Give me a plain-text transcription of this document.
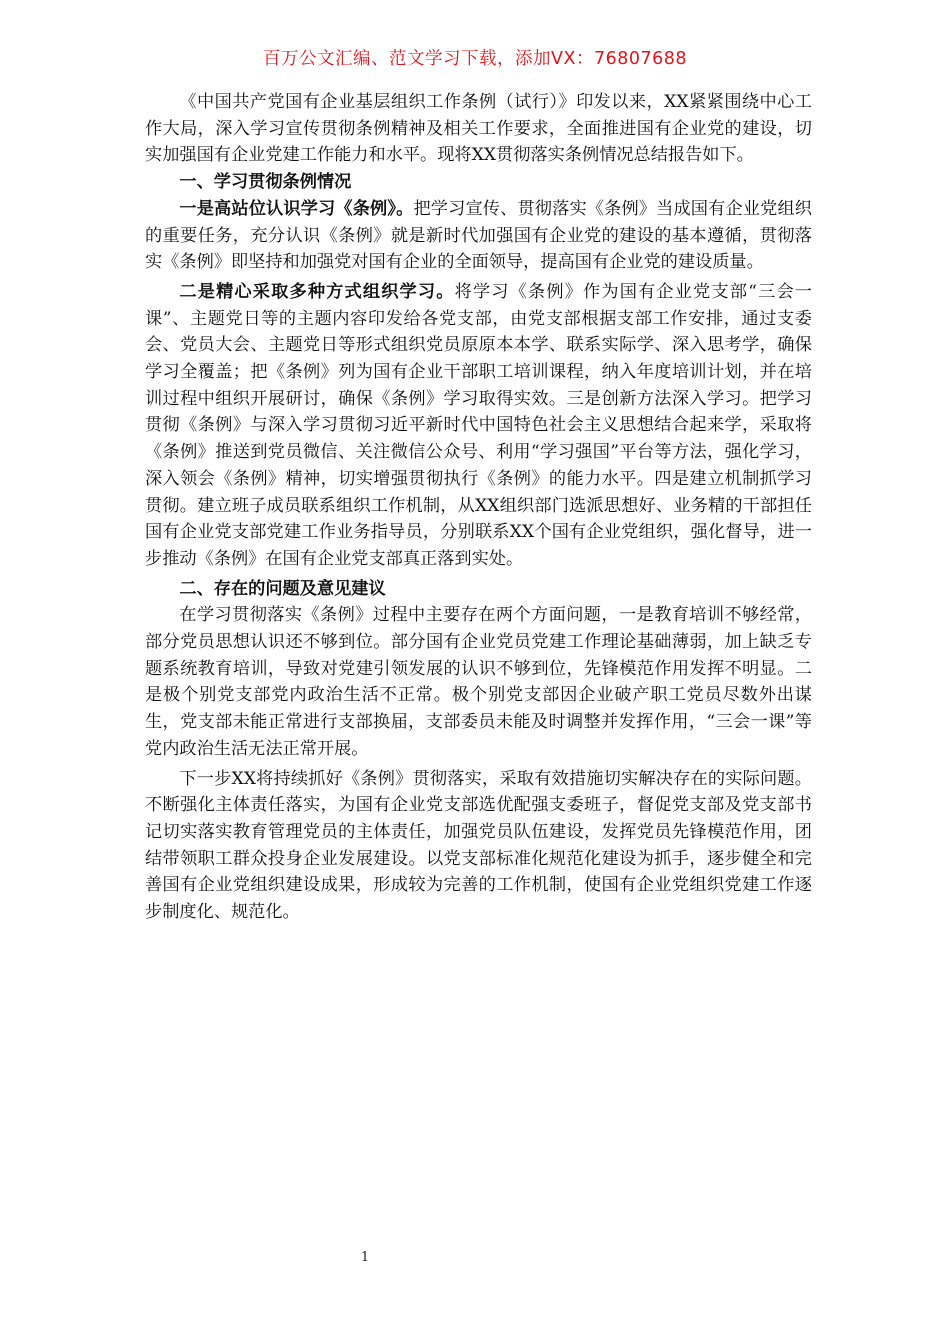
百万公文汇编、范文学习下载，添加VX：76807688

《中国共产党国有企业基层组织工作条例（试行）》印发以来，XX紧紧围绕中心工作大局，深入学习宣传贯彻条例精神及相关工作要求，全面推进国有企业党的建设，切实加强国有企业党建工作能力和水平。现将XX贯彻落实条例情况总结报告如下。

一、学习贯彻条例情况

一是高站位认识学习《条例》。把学习宣传、贯彻落实《条例》当成国有企业党组织的重要任务，充分认识《条例》就是新时代加强国有企业党的建设的基本遵循，贯彻落实《条例》即坚持和加强党对国有企业的全面领导，提高国有企业党的建设质量。

二是精心采取多种方式组织学习。将学习《条例》作为国有企业党支部“三会一课”、主题党日等的主题内容印发给各党支部，由党支部根据支部工作安排，通过支委会、党员大会、主题党日等形式组织党员原原本本学、联系实际学、深入思考学，确保学习全覆盖；把《条例》列为国有企业干部职工培训课程，纳入年度培训计划，并在培训过程中组织开展研讨，确保《条例》学习取得实效。三是创新方法深入学习。把学习贯彻《条例》与深入学习贯彻习近平新时代中国特色社会主义思想结合起来学，采取将《条例》推送到党员微信、关注微信公众号、利用“学习强国”平台等方法，强化学习，深入领会《条例》精神，切实增强贯彻执行《条例》的能力水平。四是建立机制抓学习贯彻。建立班子成员联系组织工作机制，从XX组织部门选派思想好、业务精的干部担任国有企业党支部党建工作业务指导员，分别联系XX个国有企业党组织，强化督导，进一步推动《条例》在国有企业党支部真正落到实处。

二、存在的问题及意见建议

在学习贯彻落实《条例》过程中主要存在两个方面问题，一是教育培训不够经常，部分党员思想认识还不够到位。部分国有企业党员党建工作理论基础薄弱，加上缺乏专题系统教育培训，导致对党建引领发展的认识不够到位，先锋模范作用发挥不明显。二是极个别党支部党内政治生活不正常。极个别党支部因企业破产职工党员尽数外出谋生，党支部未能正常进行支部换届，支部委员未能及时调整并发挥作用，“三会一课”等党内政治生活无法正常开展。

下一步XX将持续抓好《条例》贯彻落实，采取有效措施切实解决存在的实际问题。不断强化主体责任落实，为国有企业党支部选优配强支委班子，督促党支部及党支部书记切实落实教育管理党员的主体责任，加强党员队伍建设，发挥党员先锋模范作用，团结带领职工群众投身企业发展建设。以党支部标准化规范化建设为抓手，逐步健全和完善国有企业党组织建设成果，形成较为完善的工作机制，使国有企业党组织党建工作逐步制度化、规范化。

1
